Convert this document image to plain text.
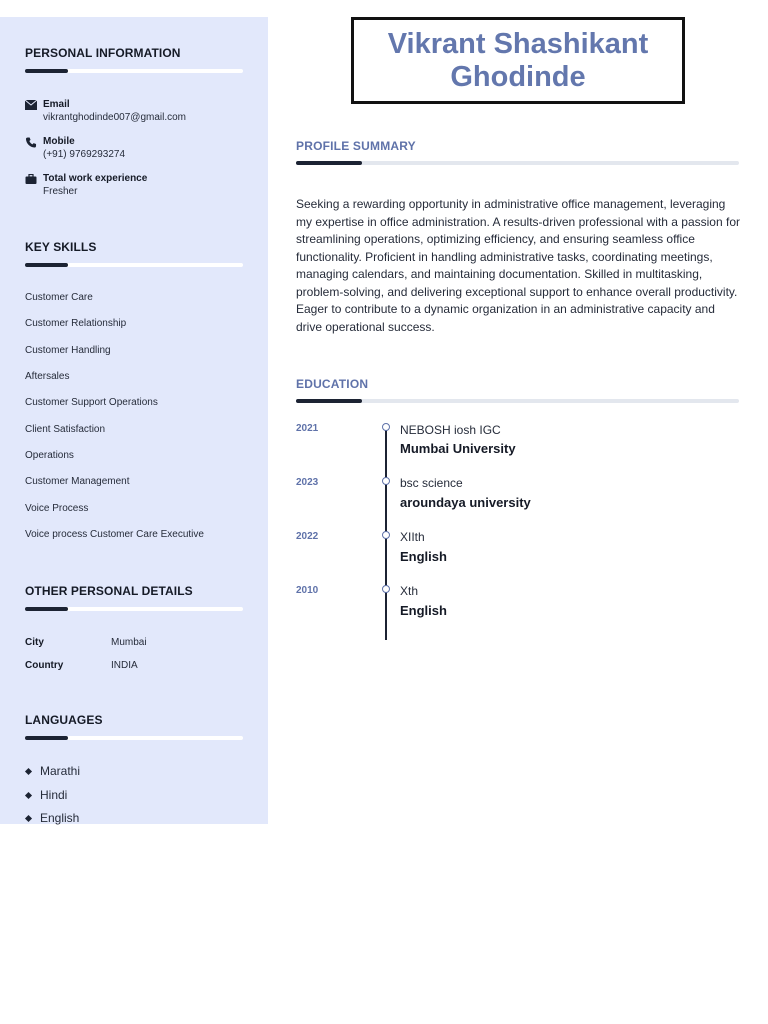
PERSONAL INFORMATION
Email
vikrantghodinde007@gmail.com
Mobile
(+91) 9769293274
Total work experience
Fresher
KEY SKILLS
Customer Care
Customer Relationship
Customer Handling
Aftersales
Customer Support Operations
Client Satisfaction
Operations
Customer Management
Voice Process
Voice process Customer Care Executive
OTHER PERSONAL DETAILS
City	Mumbai
Country	INDIA
LANGUAGES
Marathi
Hindi
English
Vikrant Shashikant Ghodinde
PROFILE SUMMARY

Seeking a rewarding opportunity in administrative office management, leveraging my expertise in office administration. A results-driven professional with a passion for streamlining operations, optimizing efficiency, and ensuring seamless office functionality. Proficient in handling administrative tasks, coordinating meetings, managing calendars, and maintaining documentation. Skilled in multitasking, problem-solving, and delivering exceptional support to enhance overall productivity. Eager to contribute to a dynamic organization in an administrative capacity and drive operational success.

EDUCATION
2021	NEBOSH iosh IGC
Mumbai University
2023	bsc science
aroundaya university
2022	XIIth
English
2010	Xth
English
